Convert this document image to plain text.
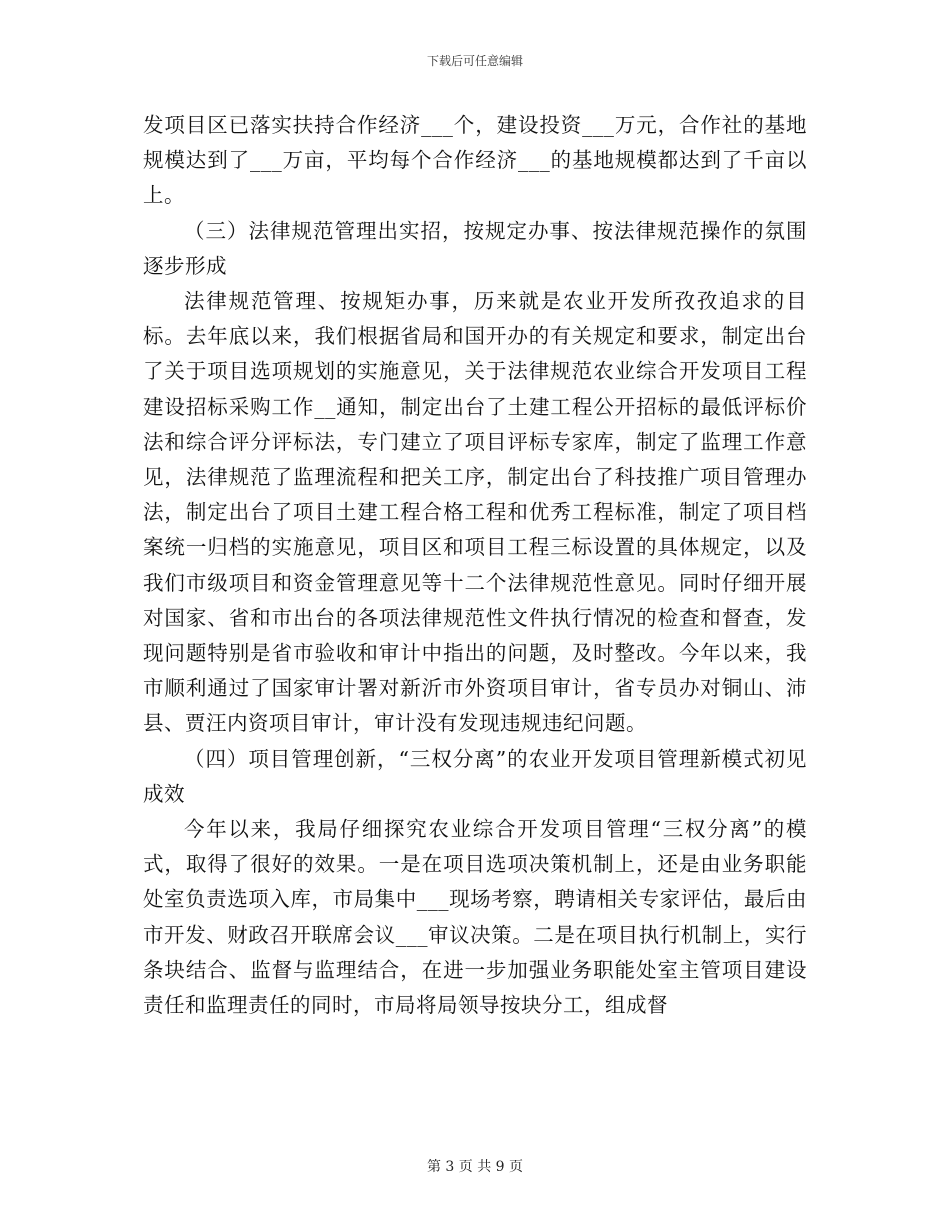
下载后可任意编辑

发项目区已落实扶持合作经济___个，建设投资___万元，合作社的基地规模达到了___万亩，平均每个合作经济___的基地规模都达到了千亩以上。

（三）法律规范管理出实招，按规定办事、按法律规范操作的氛围逐步形成

法律规范管理、按规矩办事，历来就是农业开发所孜孜追求的目标。去年底以来，我们根据省局和国开办的有关规定和要求，制定出台了关于项目选项规划的实施意见，关于法律规范农业综合开发项目工程建设招标采购工作__通知，制定出台了土建工程公开招标的最低评标价法和综合评分评标法，专门建立了项目评标专家库，制定了监理工作意见，法律规范了监理流程和把关工序，制定出台了科技推广项目管理办法，制定出台了项目土建工程合格工程和优秀工程标准，制定了项目档案统一归档的实施意见，项目区和项目工程三标设置的具体规定，以及我们市级项目和资金管理意见等十二个法律规范性意见。同时仔细开展对国家、省和市出台的各项法律规范性文件执行情况的检查和督查，发现问题特别是省市验收和审计中指出的问题，及时整改。今年以来，我市顺利通过了国家审计署对新沂市外资项目审计，省专员办对铜山、沛县、贾汪内资项目审计，审计没有发现违规违纪问题。

（四）项目管理创新，“三权分离”的农业开发项目管理新模式初见成效

今年以来，我局仔细探究农业综合开发项目管理“三权分离”的模式，取得了很好的效果。一是在项目选项决策机制上，还是由业务职能处室负责选项入库，市局集中___现场考察，聘请相关专家评估，最后由市开发、财政召开联席会议___审议决策。二是在项目执行机制上，实行条块结合、监督与监理结合，在进一步加强业务职能处室主管项目建设责任和监理责任的同时，市局将局领导按块分工，组成督

第 3 页 共 9 页
